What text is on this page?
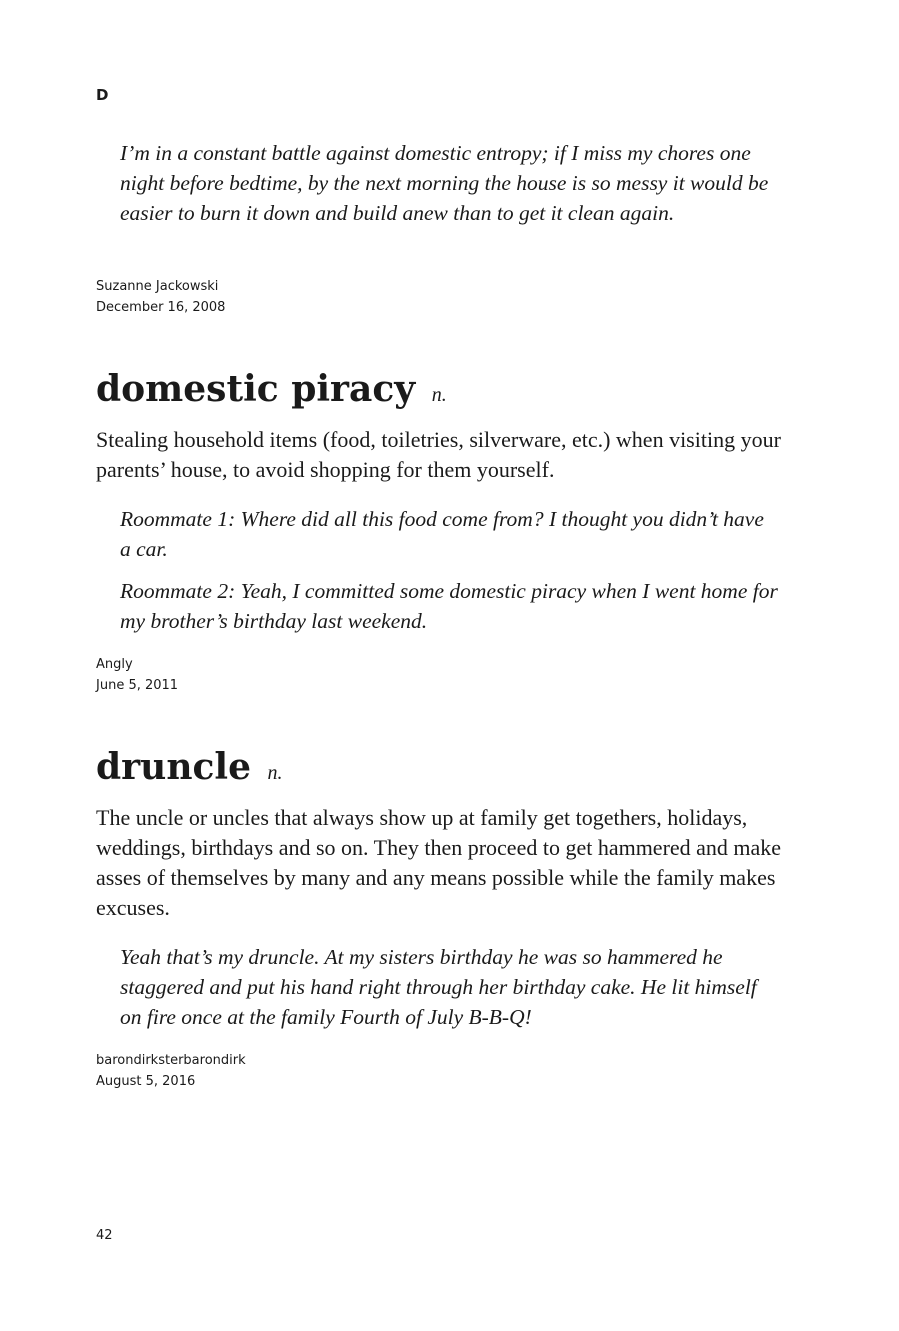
D

I’m in a constant battle against domestic entropy; if I miss my chores one night before bedtime, by the next morning the house is so messy it would be easier to burn it down and build anew than to get it clean again.

Suzanne Jackowski
December 16, 2008
domestic piracy n.
Stealing household items (food, toiletries, silverware, etc.) when visiting your parents’ house, to avoid shopping for them yourself.

Roommate 1: Where did all this food come from? I thought you didn’t have a car.

Roommate 2: Yeah, I committed some domestic piracy when I went home for my brother’s birthday last weekend.

Angly
June 5, 2011
druncle n.
The uncle or uncles that always show up at family get togethers, holidays, weddings, birthdays and so on. They then proceed to get hammered and make asses of themselves by many and any means possible while the family makes excuses.

Yeah that’s my druncle. At my sisters birthday he was so hammered he staggered and put his hand right through her birthday cake. He lit himself on fire once at the family Fourth of July B-B-Q!

barondirksterbarondirk
August 5, 2016
42
